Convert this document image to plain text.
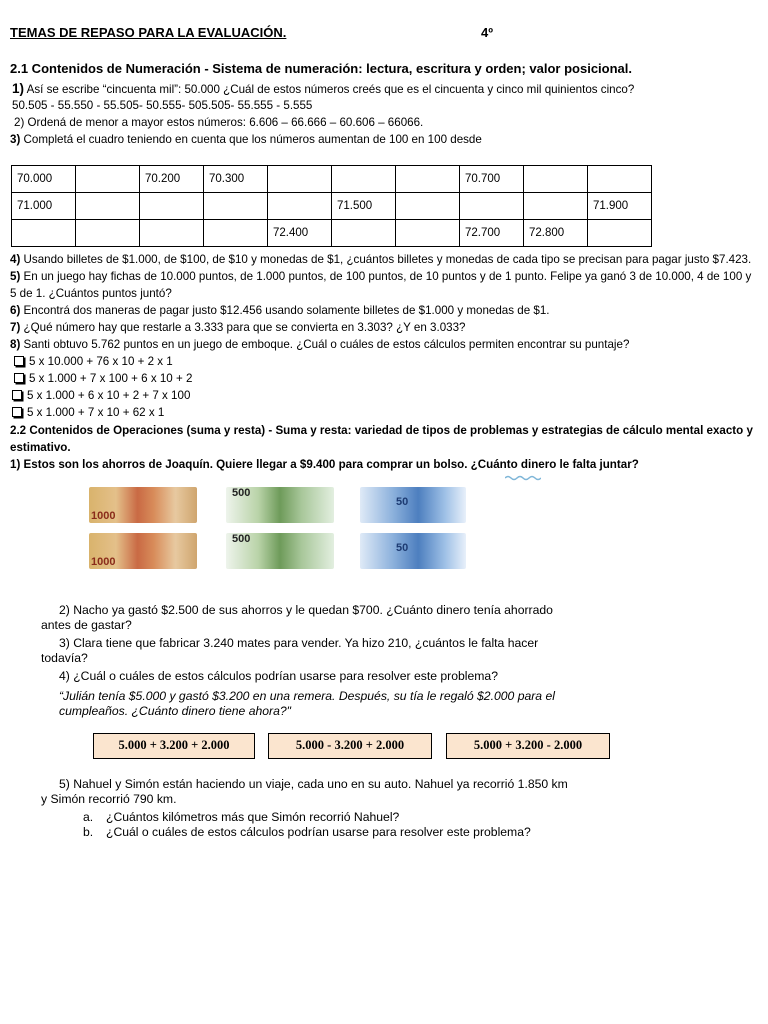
TEMAS DE REPASO PARA LA EVALUACIÓN.	4º
2.1 Contenidos de Numeración - Sistema de numeración: lectura, escritura y orden; valor posicional.
1) Así se escribe “cincuenta mil”: 50.000 ¿Cuál de estos números creés que es el cincuenta y cinco mil quinientos cinco?
50.505 - 55.550 - 55.505- 50.555- 505.505- 55.555 - 5.555
2) Ordená de menor a mayor estos números: 6.606 – 66.666 – 60.606 – 66066.
3) Completá el cuadro teniendo en cuenta que los números aumentan de 100 en 100 desde
70.000		70.200	70.300				70.700		
71.000					71.500				71.900
				72.400			72.700	72.800	
4) Usando billetes de $1.000, de $100, de $10 y monedas de $1, ¿cuántos billetes y monedas de cada tipo se precisan para pagar justo $7.423.
5) En un juego hay fichas de 10.000 puntos, de 1.000 puntos, de 100 puntos, de 10 puntos y de 1 punto. Felipe ya ganó 3 de 10.000, 4 de 100 y
5 de 1. ¿Cuántos puntos juntó?
6) Encontrá dos maneras de pagar justo $12.456 usando solamente billetes de $1.000 y monedas de $1.
7) ¿Qué número hay que restarle a 3.333 para que se convierta en 3.303? ¿Y en 3.033?
8) Santi obtuvo 5.762 puntos en un juego de emboque. ¿Cuál o cuáles de estos cálculos permiten encontrar su puntaje?
5 x 10.000 + 76 x 10 + 2 x 1
5 x 1.000 + 7 x 100 + 6 x 10 + 2
5 x 1.000 + 6 x 10 + 2 + 7 x 100
5 x 1.000 + 7 x 10 + 62 x 1
2.2 Contenidos de Operaciones (suma y resta) - Suma y resta: variedad de tipos de problemas y estrategias de cálculo mental exacto y
estimativo.
1) Estos son los ahorros de Joaquín. Quiere llegar a $9.400 para comprar un bolso. ¿Cuánto dinero le falta juntar?
1000
500
50
1000
500
50
2) Nacho ya gastó $2.500 de sus ahorros y le quedan $700. ¿Cuánto dinero tenía ahorrado
antes de gastar?
3) Clara tiene que fabricar 3.240 mates para vender. Ya hizo 210, ¿cuántos le falta hacer
todavía?
4) ¿Cuál o cuáles de estos cálculos podrían usarse para resolver este problema?
“Julián tenía $5.000 y gastó $3.200 en una remera. Después, su tía le regaló $2.000 para el
cumpleaños. ¿Cuánto dinero tiene ahora?"
5.000 + 3.200 + 2.000	5.000 - 3.200 + 2.000	5.000 + 3.200 - 2.000
5) Nahuel y Simón están haciendo un viaje, cada uno en su auto. Nahuel ya recorrió 1.850 km
y Simón recorrió 790 km.
a. ¿Cuántos kilómetros más que Simón recorrió Nahuel?
b. ¿Cuál o cuáles de estos cálculos podrían usarse para resolver este problema?
